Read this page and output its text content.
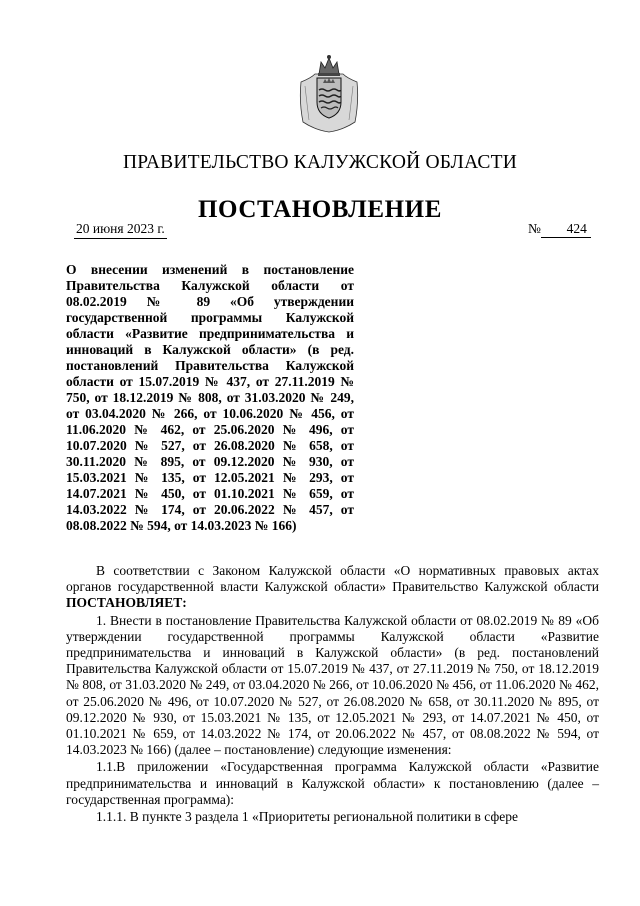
ПРАВИТЕЛЬСТВО КАЛУЖСКОЙ ОБЛАСТИ
ПОСТАНОВЛЕНИЕ
20 июня 2023 г.	№ 424
О внесении изменений в постановление Правительства Калужской области от 08.02.2019 № 89 «Об утверждении государственной программы Калужской области «Развитие предпринимательства и инноваций в Калужской области» (в ред. постановлений Правительства Калужской области от 15.07.2019 № 437, от 27.11.2019 № 750, от 18.12.2019 № 808, от 31.03.2020 № 249, от 03.04.2020 № 266, от 10.06.2020 № 456, от 11.06.2020 № 462, от 25.06.2020 № 496, от 10.07.2020 № 527, от 26.08.2020 № 658, от 30.11.2020 № 895, от 09.12.2020 № 930, от 15.03.2021 № 135, от 12.05.2021 № 293, от 14.07.2021 № 450, от 01.10.2021 № 659, от 14.03.2022 № 174, от 20.06.2022 № 457, от 08.08.2022 № 594, от 14.03.2023 № 166)

В соответствии с Законом Калужской области «О нормативных правовых актах органов государственной власти Калужской области» Правительство Калужской области ПОСТАНОВЛЯЕТ:

1. Внести в постановление Правительства Калужской области от 08.02.2019 № 89 «Об утверждении государственной программы Калужской области «Развитие предпринимательства и инноваций в Калужской области» (в ред. постановлений Правительства Калужской области от 15.07.2019 № 437, от 27.11.2019 № 750, от 18.12.2019 № 808, от 31.03.2020 № 249, от 03.04.2020 № 266, от 10.06.2020 № 456, от 11.06.2020 № 462, от 25.06.2020 № 496, от 10.07.2020 № 527, от 26.08.2020 № 658, от 30.11.2020 № 895, от 09.12.2020 № 930, от 15.03.2021 № 135, от 12.05.2021 № 293, от 14.07.2021 № 450, от 01.10.2021 № 659, от 14.03.2022 № 174, от 20.06.2022 № 457, от 08.08.2022 № 594, от 14.03.2023 № 166) (далее – постановление) следующие изменения:

1.1.В приложении «Государственная программа Калужской области «Развитие предпринимательства и инноваций в Калужской области» к постановлению (далее – государственная программа):

1.1.1. В пункте 3 раздела 1 «Приоритеты региональной политики в сфере
